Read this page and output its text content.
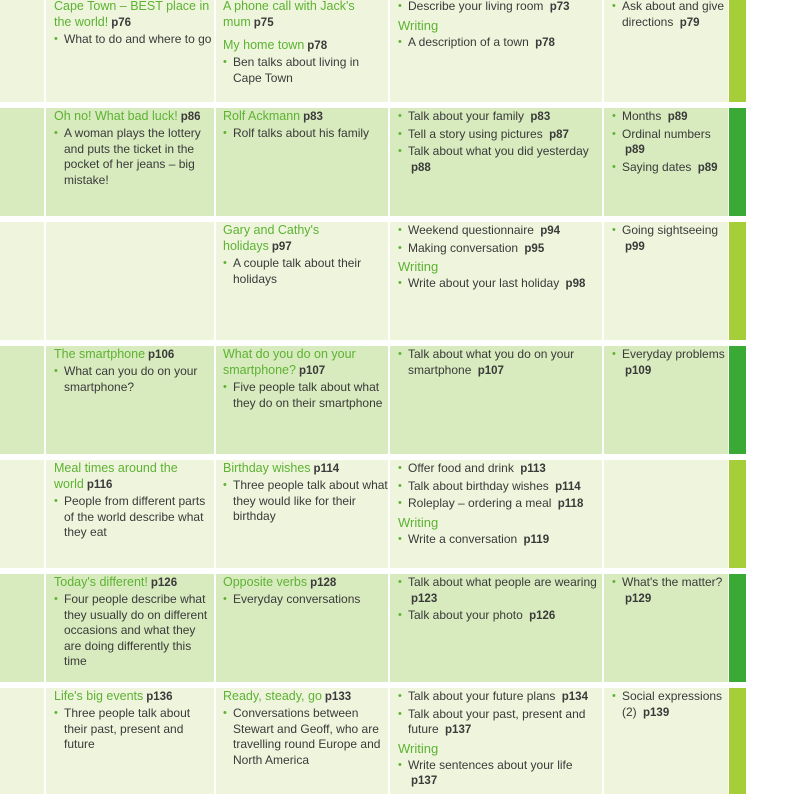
Cape Town – BEST place in the world! p76
• What to do and where to go
A phone call with Jack's mum p75
My home town p78
• Ben talks about living in Cape Town
• Describe your living room p73
Writing
• A description of a town p78
• Ask about and give directions p79
Oh no! What bad luck! p86
• A woman plays the lottery and puts the ticket in the pocket of her jeans – big mistake!
Rolf Ackmann p83
• Rolf talks about his family
• Talk about your family p83
• Tell a story using pictures p87
• Talk about what you did yesterday p88
• Months p89
• Ordinal numbers p89
• Saying dates p89
Gary and Cathy's holidays p97
• A couple talk about their holidays
• Weekend questionnaire p94
• Making conversation p95
Writing
• Write about your last holiday p98
• Going sightseeing p99
The smartphone p106
• What can you do on your smartphone?
What do you do on your smartphone? p107
• Five people talk about what they do on their smartphone
• Talk about what you do on your smartphone p107
• Everyday problems p109
Meal times around the world p116
• People from different parts of the world describe what they eat
Birthday wishes p114
• Three people talk about what they would like for their birthday
• Offer food and drink p113
• Talk about birthday wishes p114
• Roleplay – ordering a meal p118
Writing
• Write a conversation p119
Today's different! p126
• Four people describe what they usually do on different occasions and what they are doing differently this time
Opposite verbs p128
• Everyday conversations
• Talk about what people are wearing p123
• Talk about your photo p126
• What's the matter? p129
Life's big events p136
• Three people talk about their past, present and future
Ready, steady, go p133
• Conversations between Stewart and Geoff, who are travelling round Europe and North America
• Talk about your future plans p134
• Talk about your past, present and future p137
Writing
• Write sentences about your life p137
• Social expressions (2) p139
